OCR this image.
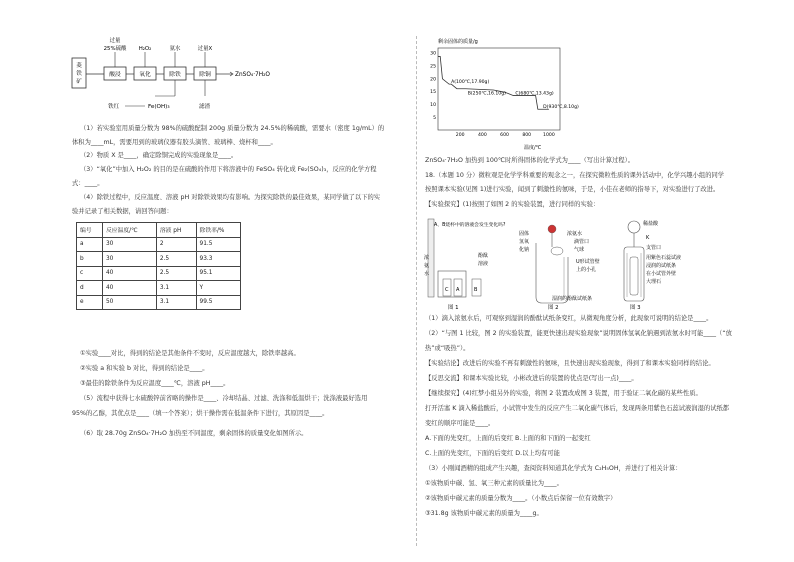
菱
铁
矿
酸浸	氧化	除铁	除铜	ZnSO₄·7H₂O
过量
25%硫酸 H₂O₂	氨水	过量X
铁红	Fe(OH)₃	滤渣
（1）若实验室用质量分数为 98%的硫酸配制 200g 质量分数为 24.5%的稀硫酸，需要水（密度 1g/mL）的
体积为____mL，需要用到的玻璃仪器有胶头滴管、玻璃棒、烧杯和____。
（2）物质 X 是____，确定除铜完成的实验现象是____。
（3）“氧化”中加入 H₂O₂ 的目的是在硫酸的作用下将溶液中的 FeSO₄ 转化成 Fe₂(SO₄)₃，反应的化学方程
式：____。
（4）除铁过程中，反应温度、溶液 pH 对除铁效果均有影响。为探究除铁的最佳效果，某同学做了以下的实
验并记录了相关数据，请回答问题：
编号	反应温度/℃	溶液 pH	除铁率/%
a	30	2	91.5
b	30	2.5	93.3
c	40	2.5	95.1
d	40	3.1	Y
e	50	3.1	99.5
①实验____对比，得到的结论是其他条件不变时，反应温度越大，除铁率越高。
②实验 a 和实验 b 对比，得到的结论是____。
③最佳的除铁条件为反应温度____℃，溶液 pH____。
（5）流程中获得七水硫酸锌前省略的操作是____、冷却结晶、过滤、洗涤和低温烘干；洗涤液最好选用
95%的乙醇，其优点是____（填一个答案）；烘干操作需在低温条件下进行，其原因是____。
（6）取 28.70g ZnSO₄·7H₂O 加热至不同温度，剩余固体的质量变化如图所示。
剩余固体的质量/g
30
25
20
15
10
5
200	400	600	800	1000
A(100℃,17.90g)
B(250℃,16.10g) C(680℃,13.43g)
D(930℃,8.10g)
温度/℃
ZnSO₄·7H₂O 加热到 100℃时所得固体的化学式为____（写出计算过程）。
18.（本题 10 分）微粒观是化学学科重要的观念之一，在探究微粒性质的课外活动中，化学兴趣小组的同学
按照课本实验(见图 1)进行实验，闻到了刺激性的氨味，于是，小佳在老师的指导下，对实验进行了改进。
【实验探究】(1)按照了如图 2 的实验装置，进行同样的实验：
A、B烧杯中的溶液会发生变化吗?
C A	B
浓
氨
水
酚酞
溶液
图 1
浓氨水
固体
氢氧
化钠
滴管口
气球
U形试管壁
上的小孔
湿润的酚酞试纸条
图 2
稀盐酸
K
支管口
用紫色石蕊试液
浸润的试纸条
在小试管外壁
大理石
图 3
（1）滴入浓氨水后，可观察到湿润的酚酞试纸条变红，从微观角度分析，此现象可说明的结论是____。
（2）“与图 1 比较，图 2 的实验装置，能更快速出现实验现象”说明固体氢氧化钠遇到浓氨水时可能____（“放
热”或“吸热”）。
【实验结论】改进后的实验不再有刺激性的氨味，且快速出现实验现象，得到了和课本实验同样的结论。
【反思交流】和课本实验比较，小彬改进后的装置的优点是(写出一点)____。
【继续探究】(4)红梦小组另外的实验，将图 2 装置改成图 3 装置，用于验证二氧化碳的某些性质。
打开活塞 K 滴入稀盐酸后，小试管中发生的反应产生二氧化碳气体后，发现两条用紫色石蕊试液润湿的试纸都
变红的顺序可能是____。
A.下面的先变红，上面的后变红 B.上面的和下面的一起变红
C.上面的先变红，下面的后变红 D.以上均有可能
（3）小刚闻酒精的组成产生兴趣，查阅资料知道其化学式为 C₂H₅OH，并进行了相关计算：
①该物质中碳、氢、氧三种元素的质量比为____。
②该物质中碳元素的质量分数为____。（小数点后保留一位有效数字）
③31.8g 该物质中碳元素的质量为____g。
